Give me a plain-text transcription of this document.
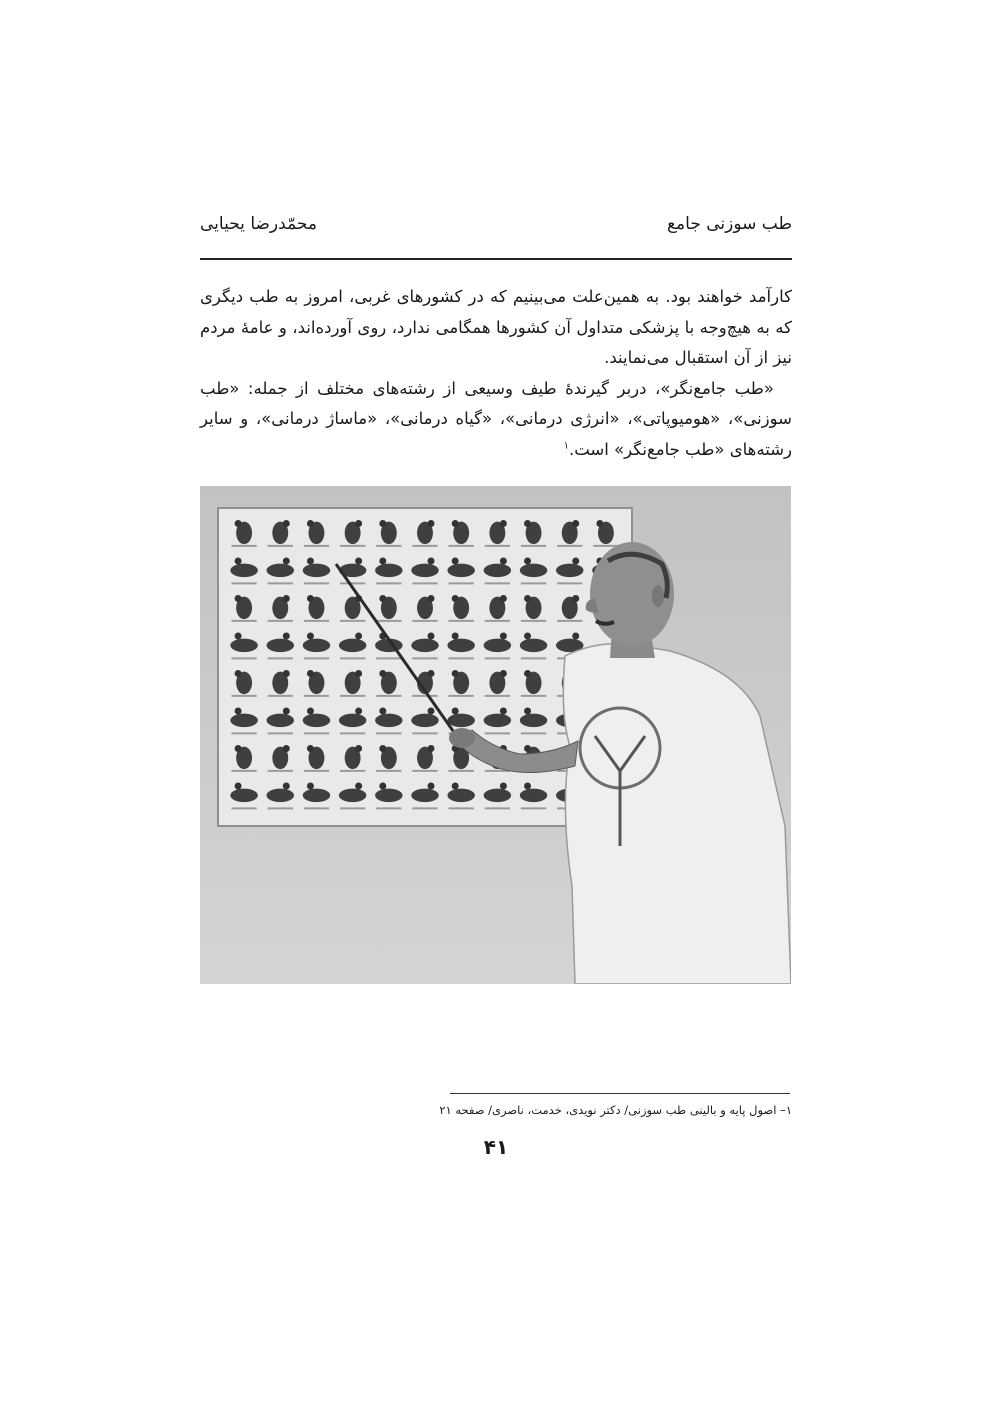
طب سوزنی جامع
محمّدرضا یحیایی

کارآمد خواهند بود. به همین‌علت می‌بینیم که در کشورهای غربی، امروز به طب دیگری که به هیچ‌وجه با پزشکی متداول آن کشورها همگامی ندارد، روی آورده‌اند، و عامهٔ مردم نیز از آن استقبال می‌نمایند.

«طب جامع‌نگر»، دربر گیرندهٔ طیف وسیعی از رشته‌های مختلف از جمله: «طب سوزنی»، «هومیوپاتی»، «انرژی درمانی»، «گیاه درمانی»، «ماساژ درمانی»، و سایر رشته‌های «طب جامع‌نگر» است.$^۱$

۱– اصول پایه و بالینی طب سوزنی/ دکتر نویدی، خدمت، ناصری/ صفحه ۲۱
۴۱
